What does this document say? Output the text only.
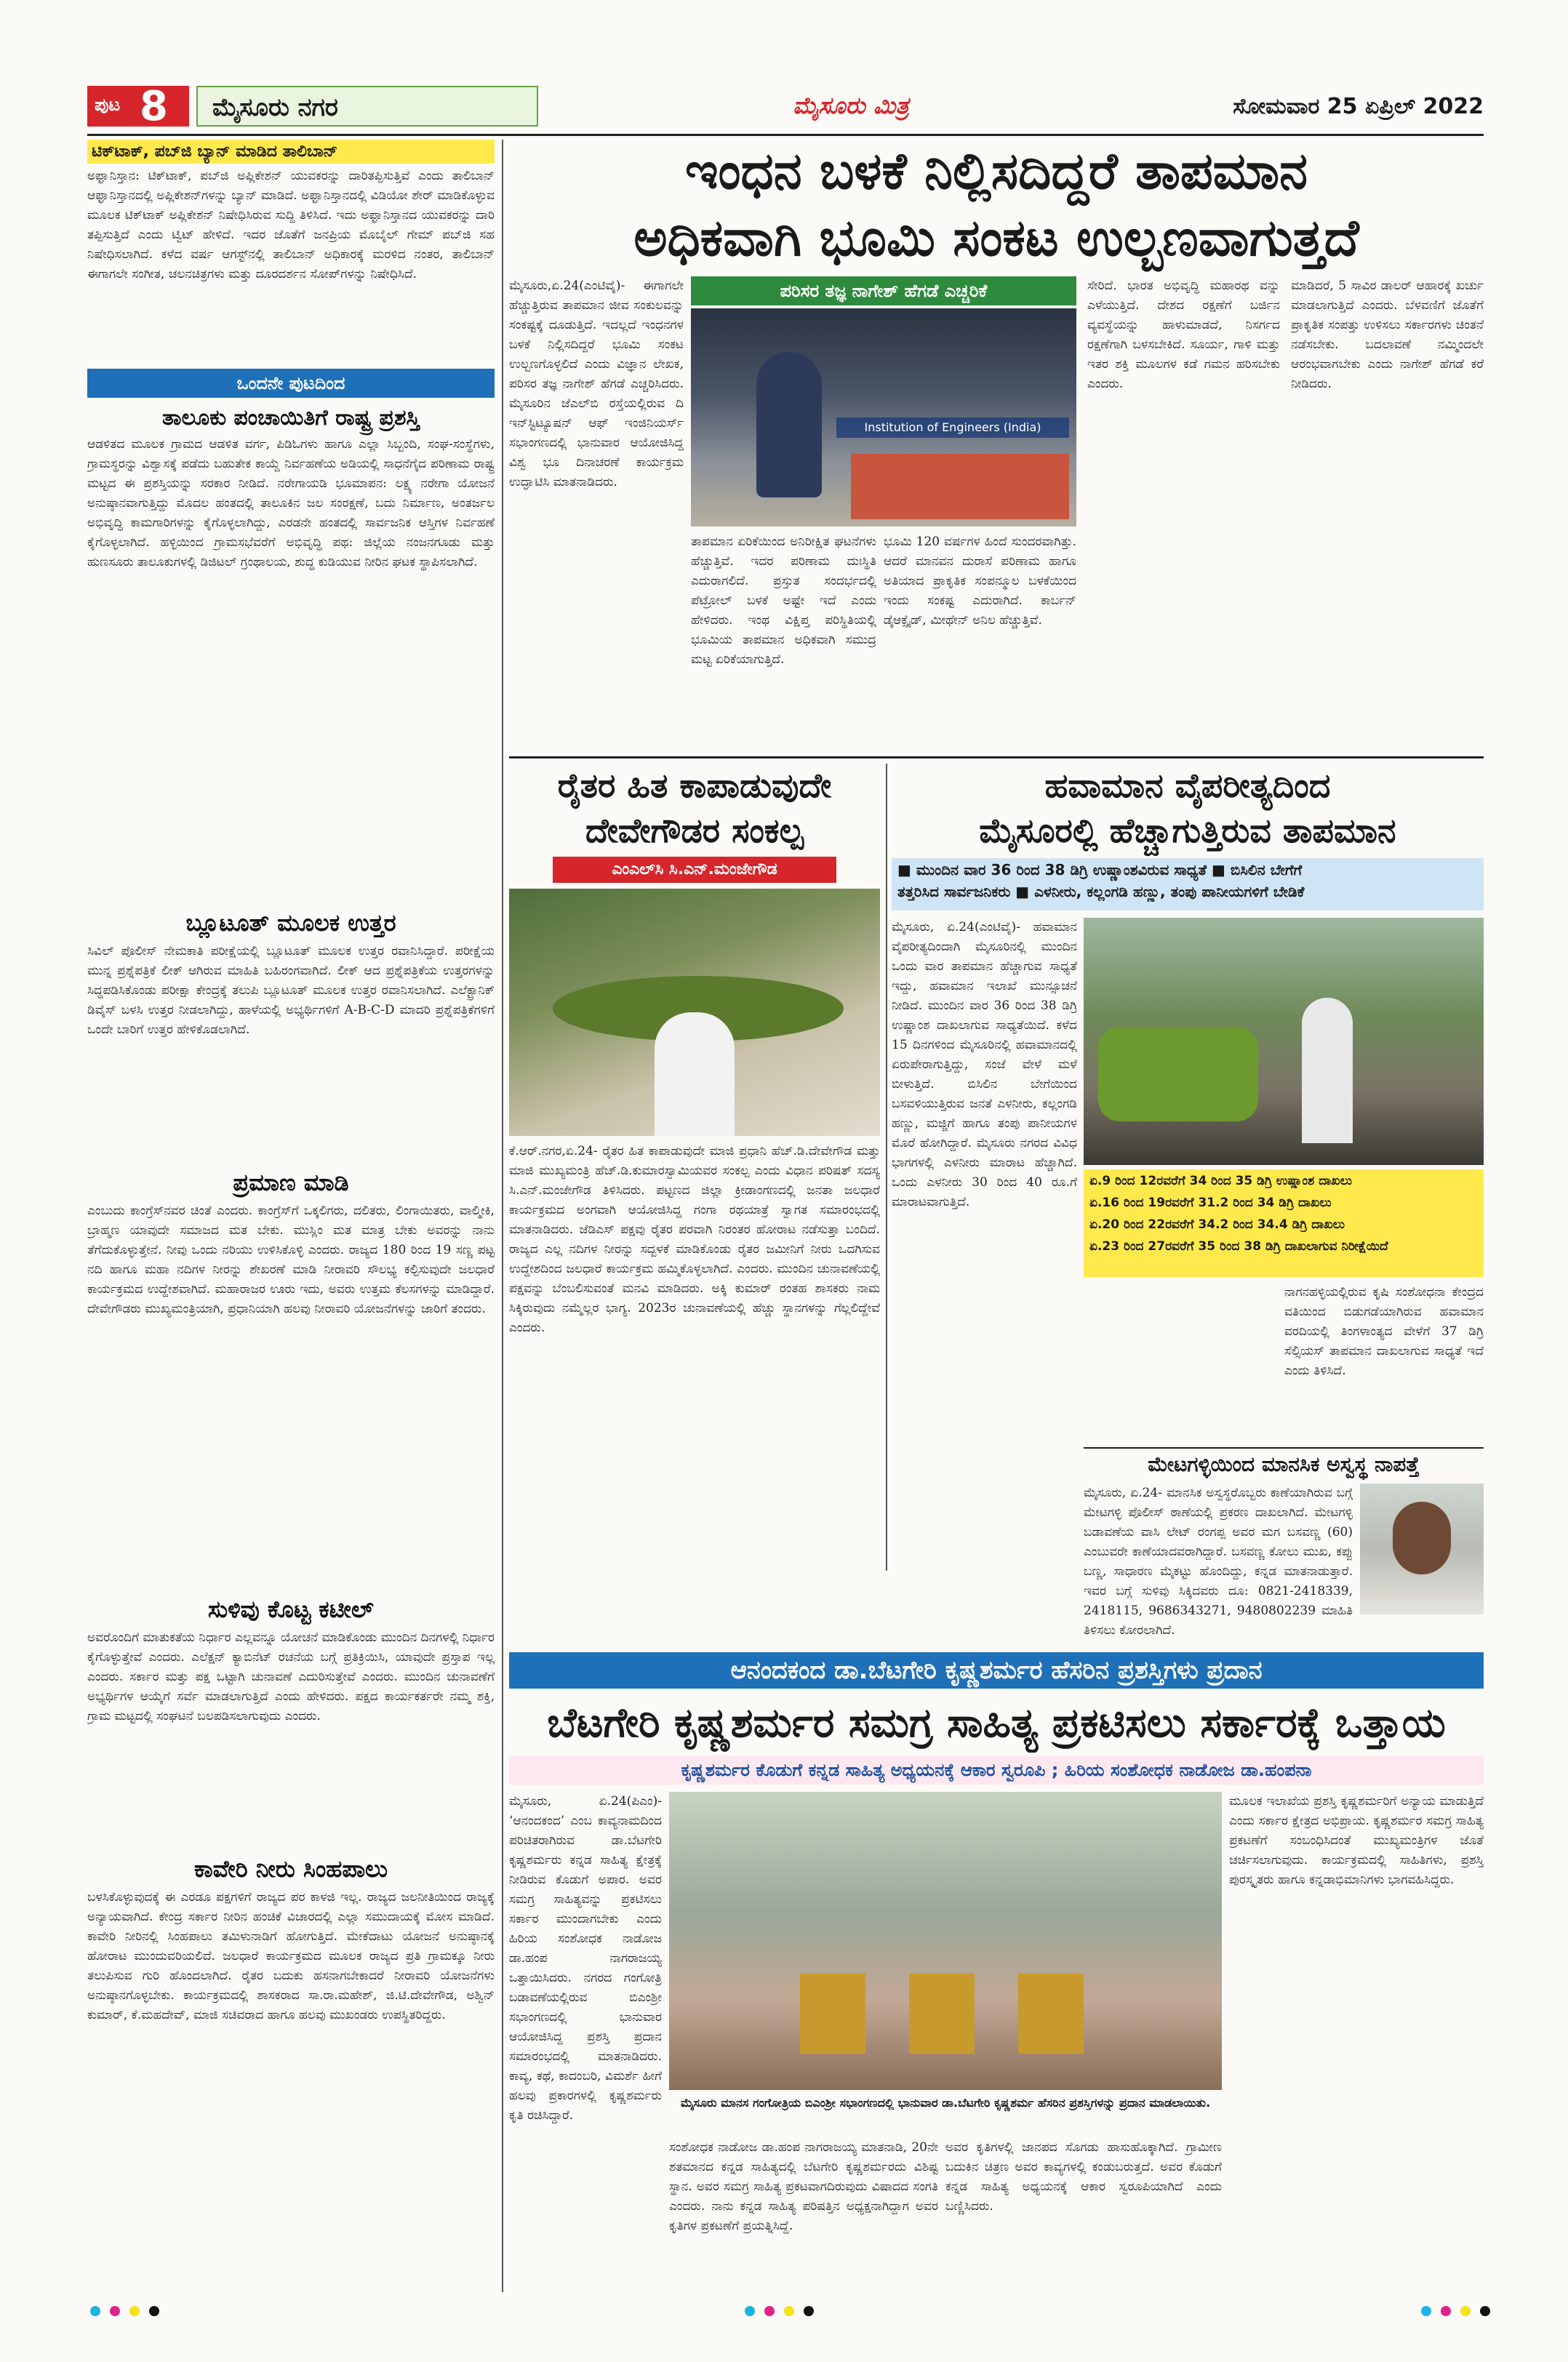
ಪುಟ 8	ಮೈಸೂರು ನಗರ	ಮೈಸೂರು ಮಿತ್ರ	ಸೋಮವಾರ 25 ಏಪ್ರಿಲ್ 2022
ಟಿಕ್‌ಟಾಕ್, ಪಬ್‌ಜಿ ಬ್ಯಾನ್ ಮಾಡಿದ ತಾಲಿಬಾನ್

ಅಫ್ಘಾನಿಸ್ತಾನ: ಟಿಕ್‌ಟಾಕ್, ಪಬ್‌ಜಿ ಅಪ್ಲಿಕೇಶನ್ ಯುವಕರನ್ನು ದಾರಿತಪ್ಪಿಸುತ್ತಿವೆ ಎಂದು ತಾಲಿಬಾನ್ ಆಫ್ಘಾನಿಸ್ತಾನದಲ್ಲಿ ಅಪ್ಲಿಕೇಶನ್‌ಗಳನ್ನು ಬ್ಯಾನ್ ಮಾಡಿದೆ. ಅಫ್ಘಾನಿಸ್ತಾನದಲ್ಲಿ ವಿಡಿಯೋ ಶೇರ್ ಮಾಡಿಕೊಳ್ಳುವ ಮೂಲಕ ಟಿಕ್‌ಟಾಕ್ ಅಪ್ಲಿಕೇಶನ್ ನಿಷೇಧಿಸಿರುವ ಸುದ್ದಿ ತಿಳಿಸಿದೆ. ಇದು ಅಫ್ಘಾನಿಸ್ತಾನದ ಯುವಕರನ್ನು ದಾರಿ ತಪ್ಪಿಸುತ್ತಿದೆ ಎಂದು ಟ್ವಿಟ್ ಹೇಳಿದೆ. ಇದರ ಜೊತೆಗೆ ಜನಪ್ರಿಯ ಮೊಬೈಲ್ ಗೇಮ್ ಪಬ್‌ಜಿ ಸಹ ನಿಷೇಧಿಸಲಾಗಿದೆ. ಕಳೆದ ವರ್ಷ ಆಗಸ್ಟ್‌ನಲ್ಲಿ ತಾಲಿಬಾನ್ ಅಧಿಕಾರಕ್ಕೆ ಮರಳಿದ ನಂತರ, ತಾಲಿಬಾನ್ ಈಗಾಗಲೇ ಸಂಗೀತ, ಚಲನಚಿತ್ರಗಳು ಮತ್ತು ದೂರದರ್ಶನ ಸೋಪ್‌ಗಳನ್ನು ನಿಷೇಧಿಸಿದೆ.

ಒಂದನೇ ಪುಟದಿಂದ
ತಾಲೂಕು ಪಂಚಾಯಿತಿಗೆ ರಾಷ್ಟ್ರ ಪ್ರಶಸ್ತಿ

ಆಡಳಿತದ ಮೂಲಕ ಗ್ರಾಮದ ಆಡಳಿತ ವರ್ಗ, ಪಿಡಿಓಗಳು ಹಾಗೂ ಎಲ್ಲಾ ಸಿಬ್ಬಂದಿ, ಸಂಘ-ಸಂಸ್ಥೆಗಳು, ಗ್ರಾಮಸ್ಥರನ್ನು ವಿಶ್ವಾಸಕ್ಕೆ ಪಡೆದು ಬಹುತೇಕ ಕಾಯ್ದೆ ನಿರ್ವಹಣೆಯ ಅಡಿಯಲ್ಲಿ ಸಾಧನೆಗೈದ ಪರಿಣಾಮ ರಾಷ್ಟ್ರ ಮಟ್ಟದ ಈ ಪ್ರಶಸ್ತಿಯನ್ನು ಸರಕಾರ ನೀಡಿದೆ. ನರೇಗಾಯಡಿ ಭೂಮಾಪನ: ಲಕ್ಷ್ಯ ನರೇಗಾ ಯೋಜನೆ ಅನುಷ್ಠಾನವಾಗುತ್ತಿದ್ದು ಮೊದಲ ಹಂತದಲ್ಲಿ ತಾಲೂಕಿನ ಜಲ ಸಂರಕ್ಷಣೆ, ಬದು ನಿರ್ಮಾಣ, ಅಂತರ್ಜಲ ಅಭಿವೃದ್ಧಿ ಕಾಮಗಾರಿಗಳನ್ನು ಕೈಗೊಳ್ಳಲಾಗಿದ್ದು, ಎರಡನೇ ಹಂತದಲ್ಲಿ ಸಾರ್ವಜನಿಕ ಆಸ್ತಿಗಳ ನಿರ್ವಹಣೆ ಕೈಗೊಳ್ಳಲಾಗಿದೆ. ಹಳ್ಳಿಯಿಂದ ಗ್ರಾಮಸಭೆವರೆಗೆ ಅಭಿವೃದ್ಧಿ ಪಥ: ಜಿಲ್ಲೆಯ ನಂಜನಗೂಡು ಮತ್ತು ಹುಣಸೂರು ತಾಲೂಕುಗಳಲ್ಲಿ ಡಿಜಿಟಲ್ ಗ್ರಂಥಾಲಯ, ಶುದ್ಧ ಕುಡಿಯುವ ನೀರಿನ ಘಟಕ ಸ್ಥಾಪಿಸಲಾಗಿದೆ.

ಬ್ಲೂಟೂತ್ ಮೂಲಕ ಉತ್ತರ

ಸಿವಿಲ್ ಪೊಲೀಸ್ ನೇಮಕಾತಿ ಪರೀಕ್ಷೆಯಲ್ಲಿ ಬ್ಲೂಟೂತ್ ಮೂಲಕ ಉತ್ತರ ರವಾನಿಸಿದ್ದಾರೆ. ಪರೀಕ್ಷೆಯ ಮುನ್ನ ಪ್ರಶ್ನೆಪತ್ರಿಕೆ ಲೀಕ್ ಆಗಿರುವ ಮಾಹಿತಿ ಬಹಿರಂಗವಾಗಿದೆ. ಲೀಕ್ ಆದ ಪ್ರಶ್ನೆಪತ್ರಿಕೆಯ ಉತ್ತರಗಳನ್ನು ಸಿದ್ಧಪಡಿಸಿಕೊಂಡು ಪರೀಕ್ಷಾ ಕೇಂದ್ರಕ್ಕೆ ತಲುಪಿ ಬ್ಲೂಟೂತ್ ಮೂಲಕ ಉತ್ತರ ರವಾನಿಸಲಾಗಿದೆ. ಎಲೆಕ್ಟ್ರಾನಿಕ್ ಡಿವೈಸ್ ಬಳಸಿ ಉತ್ತರ ನೀಡಲಾಗಿದ್ದು, ಹಾಳೆಯಲ್ಲಿ ಅಭ್ಯರ್ಥಿಗಳಿಗೆ A-B-C-D ಮಾದರಿ ಪ್ರಶ್ನೆಪತ್ರಿಕೆಗಳಿಗೆ ಒಂದೇ ಬಾರಿಗೆ ಉತ್ತರ ಹೇಳಿಕೊಡಲಾಗಿದೆ.

ಪ್ರಮಾಣ ಮಾಡಿ

ಎಂಬುದು ಕಾಂಗ್ರೆಸ್‌ನವರ ಚಿಂತೆ ಎಂದರು. ಕಾಂಗ್ರೆಸ್‌ಗೆ ಒಕ್ಕಲಿಗರು, ದಲಿತರು, ಲಿಂಗಾಯಿತರು, ವಾಲ್ಮೀಕಿ, ಬ್ರಾಹ್ಮಣ ಯಾವುದೇ ಸಮಾಜದ ಮತ ಬೇಕು. ಮುಸ್ಲಿಂ ಮತ ಮಾತ್ರ ಬೇಕು ಅವರನ್ನು ನಾನು ತೆಗೆದುಕೊಳ್ಳುತ್ತೇನೆ. ನೀವು ಒಂದು ನರಿಯು ಉಳಿಸಿಕೊಳ್ಳಿ ಎಂದರು. ರಾಜ್ಯದ 180 ರಿಂದ 19 ಸಣ್ಣ ಪಟ್ಟ ನದಿ ಹಾಗೂ ಮಹಾ ನದಿಗಳ ನೀರನ್ನು ಶೇಖರಣೆ ಮಾಡಿ ನೀರಾವರಿ ಸೌಲಭ್ಯ ಕಲ್ಪಿಸುವುದೇ ಜಲಧಾರೆ ಕಾರ್ಯಕ್ರಮದ ಉದ್ದೇಶವಾಗಿದೆ. ಮಹಾರಾಜರ ಊರು ಇದು, ಅವರು ಉತ್ತಮ ಕೆಲಸಗಳನ್ನು ಮಾಡಿದ್ದಾರೆ. ದೇವೇಗೌಡರು ಮುಖ್ಯಮಂತ್ರಿಯಾಗಿ, ಪ್ರಧಾನಿಯಾಗಿ ಹಲವು ನೀರಾವರಿ ಯೋಜನೆಗಳನ್ನು ಜಾರಿಗೆ ತಂದರು.

ಸುಳಿವು ಕೊಟ್ಟ ಕಟೀಲ್

ಅವರೊಂದಿಗೆ ಮಾತುಕತೆಯ ನಿರ್ಧಾರ ಎಲ್ಲವನ್ನೂ ಯೋಚನೆ ಮಾಡಿಕೊಂಡು ಮುಂದಿನ ದಿನಗಳಲ್ಲಿ ನಿರ್ಧಾರ ಕೈಗೊಳ್ಳುತ್ತೇವೆ ಎಂದರು. ಎಲೆಕ್ಷನ್ ಕ್ಯಾಬಿನೆಟ್ ರಚನೆಯ ಬಗ್ಗೆ ಪ್ರತಿಕ್ರಿಯಿಸಿ, ಯಾವುದೇ ಪ್ರಸ್ತಾಪ ಇಲ್ಲ ಎಂದರು. ಸರ್ಕಾರ ಮತ್ತು ಪಕ್ಷ ಒಟ್ಟಾಗಿ ಚುನಾವಣೆ ಎದುರಿಸುತ್ತೇವೆ ಎಂದರು. ಮುಂದಿನ ಚುನಾವಣೆಗೆ ಅಭ್ಯರ್ಥಿಗಳ ಆಯ್ಕೆಗೆ ಸರ್ವೆ ಮಾಡಲಾಗುತ್ತಿದೆ ಎಂದು ಹೇಳಿದರು. ಪಕ್ಷದ ಕಾರ್ಯಕರ್ತರೇ ನಮ್ಮ ಶಕ್ತಿ, ಗ್ರಾಮ ಮಟ್ಟದಲ್ಲಿ ಸಂಘಟನೆ ಬಲಪಡಿಸಲಾಗುವುದು ಎಂದರು.

ಕಾವೇರಿ ನೀರು ಸಿಂಹಪಾಲು

ಬಳಸಿಕೊಳ್ಳುವುದಕ್ಕೆ ಈ ಎರಡೂ ಪಕ್ಷಗಳಿಗೆ ರಾಜ್ಯದ ಪರ ಕಾಳಜಿ ಇಲ್ಲ. ರಾಜ್ಯದ ಜಲನೀತಿಯಿಂದ ರಾಜ್ಯಕ್ಕೆ ಅನ್ಯಾಯವಾಗಿದೆ. ಕೇಂದ್ರ ಸರ್ಕಾರ ನೀರಿನ ಹಂಚಿಕೆ ವಿಚಾರದಲ್ಲಿ ಎಲ್ಲಾ ಸಮುದಾಯಕ್ಕೆ ಮೋಸ ಮಾಡಿದೆ. ಕಾವೇರಿ ನೀರಿನಲ್ಲಿ ಸಿಂಹಪಾಲು ತಮಿಳುನಾಡಿಗೆ ಹೋಗುತ್ತಿದೆ. ಮೇಕೆದಾಟು ಯೋಜನೆ ಅನುಷ್ಠಾನಕ್ಕೆ ಹೋರಾಟ ಮುಂದುವರಿಯಲಿದೆ. ಜಲಧಾರೆ ಕಾರ್ಯಕ್ರಮದ ಮೂಲಕ ರಾಜ್ಯದ ಪ್ರತಿ ಗ್ರಾಮಕ್ಕೂ ನೀರು ತಲುಪಿಸುವ ಗುರಿ ಹೊಂದಲಾಗಿದೆ. ರೈತರ ಬದುಕು ಹಸನಾಗಬೇಕಾದರೆ ನೀರಾವರಿ ಯೋಜನೆಗಳು ಅನುಷ್ಠಾನಗೊಳ್ಳಬೇಕು. ಕಾರ್ಯಕ್ರಮದಲ್ಲಿ ಶಾಸಕರಾದ ಸಾ.ರಾ.ಮಹೇಶ್, ಜಿ.ಟಿ.ದೇವೇಗೌಡ, ಅಶ್ವಿನ್ ಕುಮಾರ್, ಕೆ.ಮಹದೇವ್, ಮಾಜಿ ಸಚಿವರಾದ ಹಾಗೂ ಹಲವು ಮುಖಂಡರು ಉಪಸ್ಥಿತರಿದ್ದರು.

ಇಂಧನ ಬಳಕೆ ನಿಲ್ಲಿಸದಿದ್ದರೆ ತಾಪಮಾನ
ಅಧಿಕವಾಗಿ ಭೂಮಿ ಸಂಕಟ ಉಲ್ಬಣವಾಗುತ್ತದೆ

ಮೈಸೂರು,ಏ.24(ಎಂಟಿವೈ)- ಈಗಾಗಲೇ ಹೆಚ್ಚುತ್ತಿರುವ ತಾಪಮಾನ ಜೀವ ಸಂಕುಲವನ್ನು ಸಂಕಷ್ಟಕ್ಕೆ ದೂಡುತ್ತಿದೆ. ಇದಲ್ಲದೆ ಇಂಧನಗಳ ಬಳಕೆ ನಿಲ್ಲಿಸದಿದ್ದರೆ ಭೂಮಿ ಸಂಕಟ ಉಲ್ಬಣಗೊಳ್ಳಲಿದೆ ಎಂದು ವಿಜ್ಞಾನ ಲೇಖಕ, ಪರಿಸರ ತಜ್ಞ ನಾಗೇಶ್ ಹೆಗಡೆ ಎಚ್ಚರಿಸಿದರು. ಮೈಸೂರಿನ ಜೆಎಲ್‌ಬಿ ರಸ್ತೆಯಲ್ಲಿರುವ ದಿ ಇನ್‌ಸ್ಟಿಟ್ಯೂಷನ್ ಆಫ್ ಇಂಜಿನಿಯರ್ಸ್ ಸಭಾಂಗಣದಲ್ಲಿ ಭಾನುವಾರ ಆಯೋಜಿಸಿದ್ದ ವಿಶ್ವ ಭೂ ದಿನಾಚರಣೆ ಕಾರ್ಯಕ್ರಮ ಉದ್ಘಾಟಿಸಿ ಮಾತನಾಡಿದರು.

ಪರಿಸರ ತಜ್ಞ ನಾಗೇಶ್ ಹೆಗಡೆ ಎಚ್ಚರಿಕೆ
Institution of Engineers (India)

ತಾಪಮಾನ ಏರಿಕೆಯಿಂದ ಅನಿರೀಕ್ಷಿತ ಘಟನೆಗಳು ಹೆಚ್ಚುತ್ತಿವೆ. ಇದರ ಪರಿಣಾಮ ದುಃಸ್ಥಿತಿ ಎದುರಾಗಲಿದೆ. ಪ್ರಸ್ತುತ ಸಂದರ್ಭದಲ್ಲಿ ಪೆಟ್ರೋಲ್ ಬಳಕೆ ಅಷ್ಟೇ ಇದೆ ಎಂದು ಹೇಳಿದರು. ಇಂಥ ವಿಕ್ಷಿಪ್ತ ಪರಿಸ್ಥಿತಿಯಲ್ಲಿ ಭೂಮಿಯ ತಾಪಮಾನ ಅಧಿಕವಾಗಿ ಸಮುದ್ರ ಮಟ್ಟ ಏರಿಕೆಯಾಗುತ್ತಿದೆ.

ಭೂಮಿ 120 ವರ್ಷಗಳ ಹಿಂದೆ ಸುಂದರವಾಗಿತ್ತು. ಆದರೆ ಮಾನವನ ದುರಾಸೆ ಪರಿಣಾಮ ಹಾಗೂ ಅತಿಯಾದ ಪ್ರಾಕೃತಿಕ ಸಂಪನ್ಮೂಲ ಬಳಕೆಯಿಂದ ಇಂದು ಸಂಕಷ್ಟ ಎದುರಾಗಿದೆ. ಕಾರ್ಬನ್ ಡೈಆಕ್ಸೈಡ್, ಮೀಥೇನ್ ಅನಿಲ ಹೆಚ್ಚುತ್ತಿವೆ.

ಸೇರಿದೆ. ಭಾರತ ಅಭಿವೃದ್ಧಿ ಮಹಾರಥ ವನ್ನು ಎಳೆಯುತ್ತಿದೆ. ದೇಶದ ರಕ್ಷಣೆಗೆ ಬರ್ಜಿನ ವ್ಯವಸ್ಥೆಯನ್ನು ಹಾಳುಮಾಡದೆ, ನಿಸರ್ಗದ ರಕ್ಷಣೆಗಾಗಿ ಬಳಸಬೇಕಿದೆ. ಸೂರ್ಯ, ಗಾಳಿ ಮತ್ತು ಇತರ ಶಕ್ತಿ ಮೂಲಗಳ ಕಡೆ ಗಮನ ಹರಿಸಬೇಕು ಎಂದರು.

ಮಾಡಿದರೆ, 5 ಸಾವಿರ ಡಾಲರ್ ಆಹಾರಕ್ಕೆ ಖರ್ಚು ಮಾಡಲಾಗುತ್ತಿದೆ ಎಂದರು. ಬೆಳವಣಿಗೆ ಜೊತೆಗೆ ಪ್ರಾಕೃತಿಕ ಸಂಪತ್ತು ಉಳಿಸಲು ಸರ್ಕಾರಗಳು ಚಿಂತನೆ ನಡೆಸಬೇಕು. ಬದಲಾವಣೆ ನಮ್ಮಿಂದಲೇ ಆರಂಭವಾಗಬೇಕು ಎಂದು ನಾಗೇಶ್ ಹೆಗಡೆ ಕರೆ ನೀಡಿದರು.

ರೈತರ ಹಿತ ಕಾಪಾಡುವುದೇ
ದೇವೇಗೌಡರ ಸಂಕಲ್ಪ
ಎಂಎಲ್‌ಸಿ ಸಿ.ಎನ್.ಮಂಜೇಗೌಡ

ಕೆ.ಆರ್.ನಗರ,ಏ.24- ರೈತರ ಹಿತ ಕಾಪಾಡುವುದೇ ಮಾಜಿ ಪ್ರಧಾನಿ ಹೆಚ್.ಡಿ.ದೇವೇಗೌಡ ಮತ್ತು ಮಾಜಿ ಮುಖ್ಯಮಂತ್ರಿ ಹೆಚ್.ಡಿ.ಕುಮಾರಸ್ವಾಮಿಯವರ ಸಂಕಲ್ಪ ಎಂದು ವಿಧಾನ ಪರಿಷತ್ ಸದಸ್ಯ ಸಿ.ಎನ್.ಮಂಜೇಗೌಡ ತಿಳಿಸಿದರು. ಪಟ್ಟಣದ ಜಿಲ್ಲಾ ಕ್ರೀಡಾಂಗಣದಲ್ಲಿ ಜನತಾ ಜಲಧಾರೆ ಕಾರ್ಯಕ್ರಮದ ಅಂಗವಾಗಿ ಆಯೋಜಿಸಿದ್ದ ಗಂಗಾ ರಥಯಾತ್ರೆ ಸ್ವಾಗತ ಸಮಾರಂಭದಲ್ಲಿ ಮಾತನಾಡಿದರು. ಜೆಡಿಎಸ್ ಪಕ್ಷವು ರೈತರ ಪರವಾಗಿ ನಿರಂತರ ಹೋರಾಟ ನಡೆಸುತ್ತಾ ಬಂದಿದೆ. ರಾಜ್ಯದ ಎಲ್ಲ ನದಿಗಳ ನೀರನ್ನು ಸದ್ಬಳಕೆ ಮಾಡಿಕೊಂಡು ರೈತರ ಜಮೀನಿಗೆ ನೀರು ಒದಗಿಸುವ ಉದ್ದೇಶದಿಂದ ಜಲಧಾರೆ ಕಾರ್ಯಕ್ರಮ ಹಮ್ಮಿಕೊಳ್ಳಲಾಗಿದೆ. ಎಂದರು. ಮುಂದಿನ ಚುನಾವಣೆಯಲ್ಲಿ ಪಕ್ಷವನ್ನು ಬೆಂಬಲಿಸುವಂತೆ ಮನವಿ ಮಾಡಿದರು. ಅಕ್ಕಿ ಕುಮಾರ್ ರಂತಹ ಶಾಸಕರು ನಾಮ ಸಿಕ್ಕಿರುವುದು ನಮ್ಮೆಲ್ಲರ ಭಾಗ್ಯ. 2023ರ ಚುನಾವಣೆಯಲ್ಲಿ ಹೆಚ್ಚು ಸ್ಥಾನಗಳನ್ನು ಗೆಲ್ಲಲಿದ್ದೇವೆ ಎಂದರು.

ಹವಾಮಾನ ವೈಪರೀತ್ಯದಿಂದ
ಮೈಸೂರಲ್ಲಿ ಹೆಚ್ಚಾಗುತ್ತಿರುವ ತಾಪಮಾನ
■ ಮುಂದಿನ ವಾರ 36 ರಿಂದ 38 ಡಿಗ್ರಿ ಉಷ್ಣಾಂಶವಿರುವ ಸಾಧ್ಯತೆ ■ ಬಿಸಿಲಿನ ಬೇಗೆಗೆ
ತತ್ತರಿಸಿದ ಸಾರ್ವಜನಿಕರು ■ ಎಳನೀರು, ಕಲ್ಲಂಗಡಿ ಹಣ್ಣು, ತಂಪು ಪಾನೀಯಗಳಿಗೆ ಬೇಡಿಕೆ

ಮೈಸೂರು, ಏ.24(ಎಂಟಿವೈ)- ಹವಾಮಾನ ವೈಪರೀತ್ಯದಿಂದಾಗಿ ಮೈಸೂರಿನಲ್ಲಿ ಮುಂದಿನ ಒಂದು ವಾರ ತಾಪಮಾನ ಹೆಚ್ಚಾಗುವ ಸಾಧ್ಯತೆ ಇದ್ದು, ಹವಾಮಾನ ಇಲಾಖೆ ಮುನ್ಸೂಚನೆ ನೀಡಿದೆ. ಮುಂದಿನ ವಾರ 36 ರಿಂದ 38 ಡಿಗ್ರಿ ಉಷ್ಣಾಂಶ ದಾಖಲಾಗುವ ಸಾಧ್ಯತೆಯಿದೆ. ಕಳೆದ 15 ದಿನಗಳಿಂದ ಮೈಸೂರಿನಲ್ಲಿ ಹವಾಮಾನದಲ್ಲಿ ಏರುಪೇರಾಗುತ್ತಿದ್ದು, ಸಂಜೆ ವೇಳೆ ಮಳೆ ಬೀಳುತ್ತಿದೆ. ಬಿಸಿಲಿನ ಬೇಗೆಯಿಂದ ಬಸವಳಿಯುತ್ತಿರುವ ಜನತೆ ಎಳನೀರು, ಕಲ್ಲಂಗಡಿ ಹಣ್ಣು, ಮಜ್ಜಿಗೆ ಹಾಗೂ ತಂಪು ಪಾನೀಯಗಳ ಮೊರೆ ಹೋಗಿದ್ದಾರೆ. ಮೈಸೂರು ನಗರದ ವಿವಿಧ ಭಾಗಗಳಲ್ಲಿ ಎಳನೀರು ಮಾರಾಟ ಹೆಚ್ಚಾಗಿದೆ. ಒಂದು ಎಳನೀರು 30 ರಿಂದ 40 ರೂ.ಗೆ ಮಾರಾಟವಾಗುತ್ತಿದೆ.

ಏ.9 ರಿಂದ 12ರವರೆಗೆ 34 ರಿಂದ 35 ಡಿಗ್ರಿ ಉಷ್ಣಾಂಶ ದಾಖಲು
ಏ.16 ರಿಂದ 19ರವರೆಗೆ 31.2 ರಿಂದ 34 ಡಿಗ್ರಿ ದಾಖಲು
ಏ.20 ರಿಂದ 22ರವರೆಗೆ 34.2 ರಿಂದ 34.4 ಡಿಗ್ರಿ ದಾಖಲು
ಏ.23 ರಿಂದ 27ರವರೆಗೆ 35 ರಿಂದ 38 ಡಿಗ್ರಿ ದಾಖಲಾಗುವ ನಿರೀಕ್ಷೆಯಿದೆ

ನಾಗನಹಳ್ಳಿಯಲ್ಲಿರುವ ಕೃಷಿ ಸಂಶೋಧನಾ ಕೇಂದ್ರದ ವತಿಯಿಂದ ಬಿಡುಗಡೆಯಾಗಿರುವ ಹವಾಮಾನ ವರದಿಯಲ್ಲಿ ತಿಂಗಳಾಂತ್ಯದ ವೇಳೆಗೆ 37 ಡಿಗ್ರಿ ಸೆಲ್ಸಿಯಸ್ ತಾಪಮಾನ ದಾಖಲಾಗುವ ಸಾಧ್ಯತೆ ಇದೆ ಎಂದು ತಿಳಿಸಿದೆ.

ಮೇಟಗಳ್ಳಿಯಿಂದ ಮಾನಸಿಕ ಅಸ್ವಸ್ಥ ನಾಪತ್ತೆ

ಮೈಸೂರು, ಏ.24- ಮಾನಸಿಕ ಅಸ್ವಸ್ಥರೊಬ್ಬರು ಕಾಣೆಯಾಗಿರುವ ಬಗ್ಗೆ ಮೇಟಗಳ್ಳಿ ಪೊಲೀಸ್ ಠಾಣೆಯಲ್ಲಿ ಪ್ರಕರಣ ದಾಖಲಾಗಿದೆ. ಮೇಟಗಳ್ಳಿ ಬಡಾವಣೆಯ ವಾಸಿ ಲೇಟ್ ರಂಗಪ್ಪ ಅವರ ಮಗ ಬಸವಣ್ಣ (60) ಎಂಬುವರೇ ಕಾಣೆಯಾದವರಾಗಿದ್ದಾರೆ. ಬಸವಣ್ಣ ಕೋಲು ಮುಖ, ಕಪ್ಪು ಬಣ್ಣ, ಸಾಧಾರಣ ಮೈಕಟ್ಟು ಹೊಂದಿದ್ದು, ಕನ್ನಡ ಮಾತನಾಡುತ್ತಾರೆ. ಇವರ ಬಗ್ಗೆ ಸುಳಿವು ಸಿಕ್ಕಿದವರು ದೂ: 0821-2418339, 2418115, 9686343271, 9480802239 ಮಾಹಿತಿ ತಿಳಿಸಲು ಕೋರಲಾಗಿದೆ.

ಆನಂದಕಂದ ಡಾ.ಬೆಟಗೇರಿ ಕೃಷ್ಣಶರ್ಮರ ಹೆಸರಿನ ಪ್ರಶಸ್ತಿಗಳು ಪ್ರದಾನ
ಬೆಟಗೇರಿ ಕೃಷ್ಣಶರ್ಮರ ಸಮಗ್ರ ಸಾಹಿತ್ಯ ಪ್ರಕಟಿಸಲು ಸರ್ಕಾರಕ್ಕೆ ಒತ್ತಾಯ
ಕೃಷ್ಣಶರ್ಮರ ಕೊಡುಗೆ ಕನ್ನಡ ಸಾಹಿತ್ಯ ಅಧ್ಯಯನಕ್ಕೆ ಆಕಾರ ಸ್ವರೂಪಿ ; ಹಿರಿಯ ಸಂಶೋಧಕ ನಾಡೋಜ ಡಾ.ಹಂಪನಾ

ಮೈಸೂರು, ಏ.24(ಪಿಎಂ)- ‘ಆನಂದಕಂದ’ ಎಂಬ ಕಾವ್ಯನಾಮದಿಂದ ಪರಿಚಿತರಾಗಿರುವ ಡಾ.ಬೆಟಗೇರಿ ಕೃಷ್ಣಶರ್ಮರು ಕನ್ನಡ ಸಾಹಿತ್ಯ ಕ್ಷೇತ್ರಕ್ಕೆ ನೀಡಿರುವ ಕೊಡುಗೆ ಅಪಾರ. ಅವರ ಸಮಗ್ರ ಸಾಹಿತ್ಯವನ್ನು ಪ್ರಕಟಿಸಲು ಸರ್ಕಾರ ಮುಂದಾಗಬೇಕು ಎಂದು ಹಿರಿಯ ಸಂಶೋಧಕ ನಾಡೋಜ ಡಾ.ಹಂಪ ನಾಗರಾಜಯ್ಯ ಒತ್ತಾಯಿಸಿದರು. ನಗರದ ಗಂಗೋತ್ರಿ ಬಡಾವಣೆಯಲ್ಲಿರುವ ಬಿಎಂಶ್ರೀ ಸಭಾಂಗಣದಲ್ಲಿ ಭಾನುವಾರ ಆಯೋಜಿಸಿದ್ದ ಪ್ರಶಸ್ತಿ ಪ್ರದಾನ ಸಮಾರಂಭದಲ್ಲಿ ಮಾತನಾಡಿದರು. ಕಾವ್ಯ, ಕಥೆ, ಕಾದಂಬರಿ, ವಿಮರ್ಶೆ ಹೀಗೆ ಹಲವು ಪ್ರಕಾರಗಳಲ್ಲಿ ಕೃಷ್ಣಶರ್ಮರು ಕೃತಿ ರಚಿಸಿದ್ದಾರೆ.

ಮೈಸೂರು ಮಾನಸ ಗಂಗೋತ್ರಿಯ ಬಿಎಂಶ್ರೀ ಸಭಾಂಗಣದಲ್ಲಿ ಭಾನುವಾರ ಡಾ.ಬೆಟಗೇರಿ ಕೃಷ್ಣಶರ್ಮ ಹೆಸರಿನ ಪ್ರಶಸ್ತಿಗಳನ್ನು ಪ್ರದಾನ ಮಾಡಲಾಯಿತು.

ಸಂಶೋಧಕ ನಾಡೋಜ ಡಾ.ಹಂಪ ನಾಗರಾಜಯ್ಯ ಮಾತನಾಡಿ, 20ನೇ ಶತಮಾನದ ಕನ್ನಡ ಸಾಹಿತ್ಯದಲ್ಲಿ ಬೆಟಗೇರಿ ಕೃಷ್ಣಶರ್ಮರದು ವಿಶಿಷ್ಟ ಸ್ಥಾನ. ಅವರ ಸಮಗ್ರ ಸಾಹಿತ್ಯ ಪ್ರಕಟವಾಗದಿರುವುದು ವಿಷಾದದ ಸಂಗತಿ ಎಂದರು. ನಾನು ಕನ್ನಡ ಸಾಹಿತ್ಯ ಪರಿಷತ್ತಿನ ಅಧ್ಯಕ್ಷನಾಗಿದ್ದಾಗ ಅವರ ಕೃತಿಗಳ ಪ್ರಕಟಣೆಗೆ ಪ್ರಯತ್ನಿಸಿದ್ದೆ.

ಅವರ ಕೃತಿಗಳಲ್ಲಿ ಜಾನಪದ ಸೊಗಡು ಹಾಸುಹೊಕ್ಕಾಗಿದೆ. ಗ್ರಾಮೀಣ ಬದುಕಿನ ಚಿತ್ರಣ ಅವರ ಕಾವ್ಯಗಳಲ್ಲಿ ಕಂಡುಬರುತ್ತದೆ. ಅವರ ಕೊಡುಗೆ ಕನ್ನಡ ಸಾಹಿತ್ಯ ಅಧ್ಯಯನಕ್ಕೆ ಆಕಾರ ಸ್ವರೂಪಿಯಾಗಿದೆ ಎಂದು ಬಣ್ಣಿಸಿದರು.

ಮೂಲಕ ಇಲಾಖೆಯ ಪ್ರಶಸ್ತಿ ಕೃಷ್ಣಶರ್ಮರಿಗೆ ಅನ್ಯಾಯ ಮಾಡುತ್ತಿದೆ ಎಂದು ಸರ್ಕಾರ ಕ್ಷೇತ್ರದ ಅಭಿಪ್ರಾಯ. ಕೃಷ್ಣಶರ್ಮರ ಸಮಗ್ರ ಸಾಹಿತ್ಯ ಪ್ರಕಟಣೆಗೆ ಸಂಬಂಧಿಸಿದಂತೆ ಮುಖ್ಯಮಂತ್ರಿಗಳ ಜೊತೆ ಚರ್ಚಿಸಲಾಗುವುದು. ಕಾರ್ಯಕ್ರಮದಲ್ಲಿ ಸಾಹಿತಿಗಳು, ಪ್ರಶಸ್ತಿ ಪುರಸ್ಕೃತರು ಹಾಗೂ ಕನ್ನಡಾಭಿಮಾನಿಗಳು ಭಾಗವಹಿಸಿದ್ದರು.
